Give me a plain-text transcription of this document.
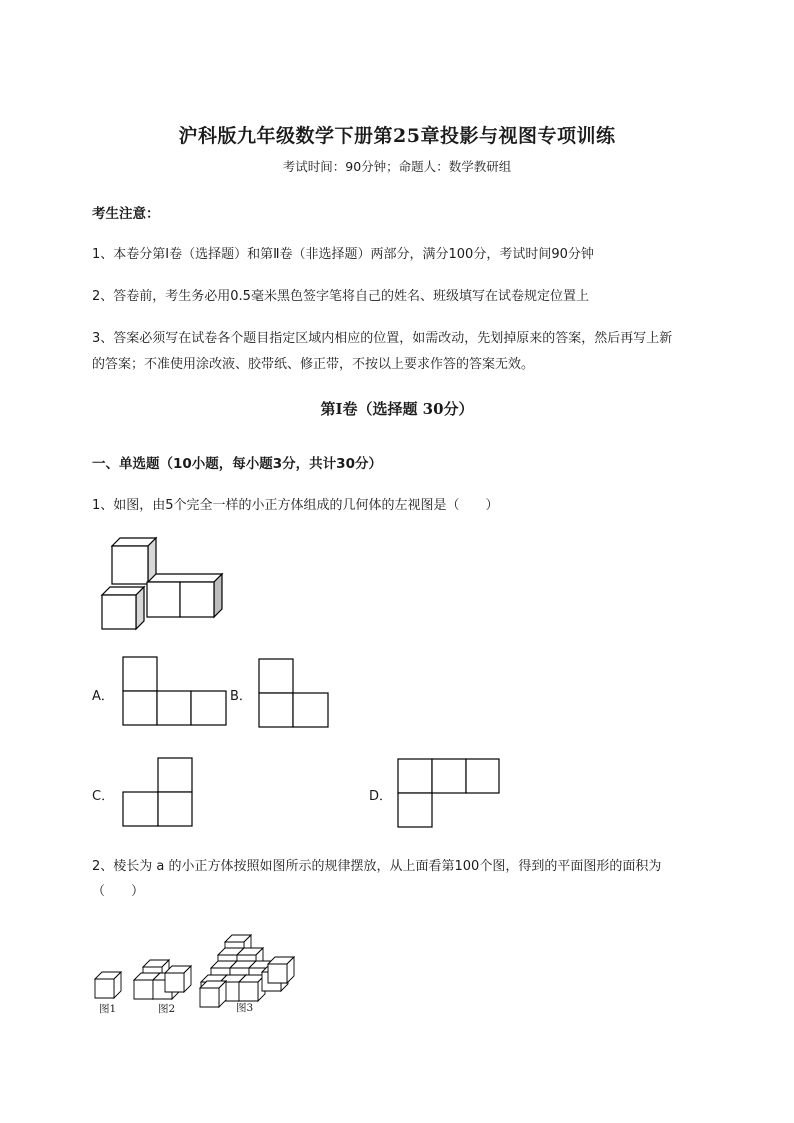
沪科版九年级数学下册第25章投影与视图专项训练
考试时间：90分钟；命题人：数学教研组
考生注意：
1、本卷分第I卷（选择题）和第Ⅱ卷（非选择题）两部分，满分100分，考试时间90分钟
2、答卷前，考生务必用0.5毫米黑色签字笔将自己的姓名、班级填写在试卷规定位置上
3、答案必须写在试卷各个题目指定区域内相应的位置，如需改动，先划掉原来的答案，然后再写上新
的答案；不准使用涂改液、胶带纸、修正带，不按以上要求作答的答案无效。
第I卷（选择题 30分）
一、单选题（10小题，每小题3分，共计30分）
1、如图，由5个完全一样的小正方体组成的几何体的左视图是（　　）
A．	B．
C．	D．
2、棱长为 a 的小正方体按照如图所示的规律摆放，从上面看第100个图，得到的平面图形的面积为
（　　）
图1	图2	图3
